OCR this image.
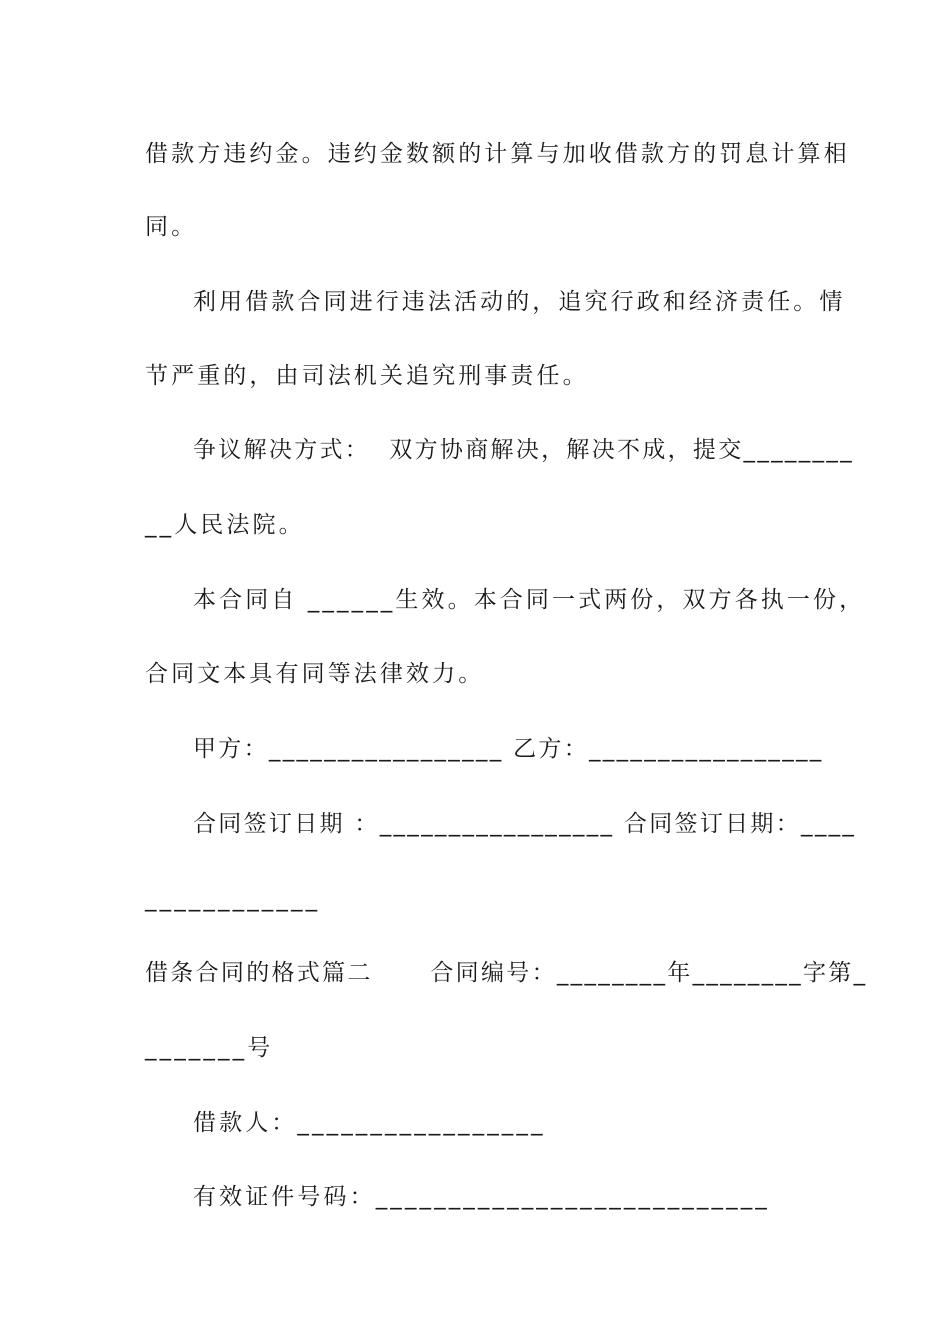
借款方违约金。违约金数额的计算与加收借款方的罚息计算相
同。
利用借款合同进行违法活动的，追究行政和经济责任。情
节严重的，由司法机关追究刑事责任。
争议解决方式：  双方协商解决，解决不成，提交________
__人民法院。
本合同自 ______生效。本合同一式两份，双方各执一份，
合同文本具有同等法律效力。
甲方：_________________ 乙方：_________________
合同签订日期 ：_________________ 合同签订日期：____
____________
借条合同的格式篇二      合同编号：________年________字第_
_______号
借款人：_________________
有效证件号码：___________________________
